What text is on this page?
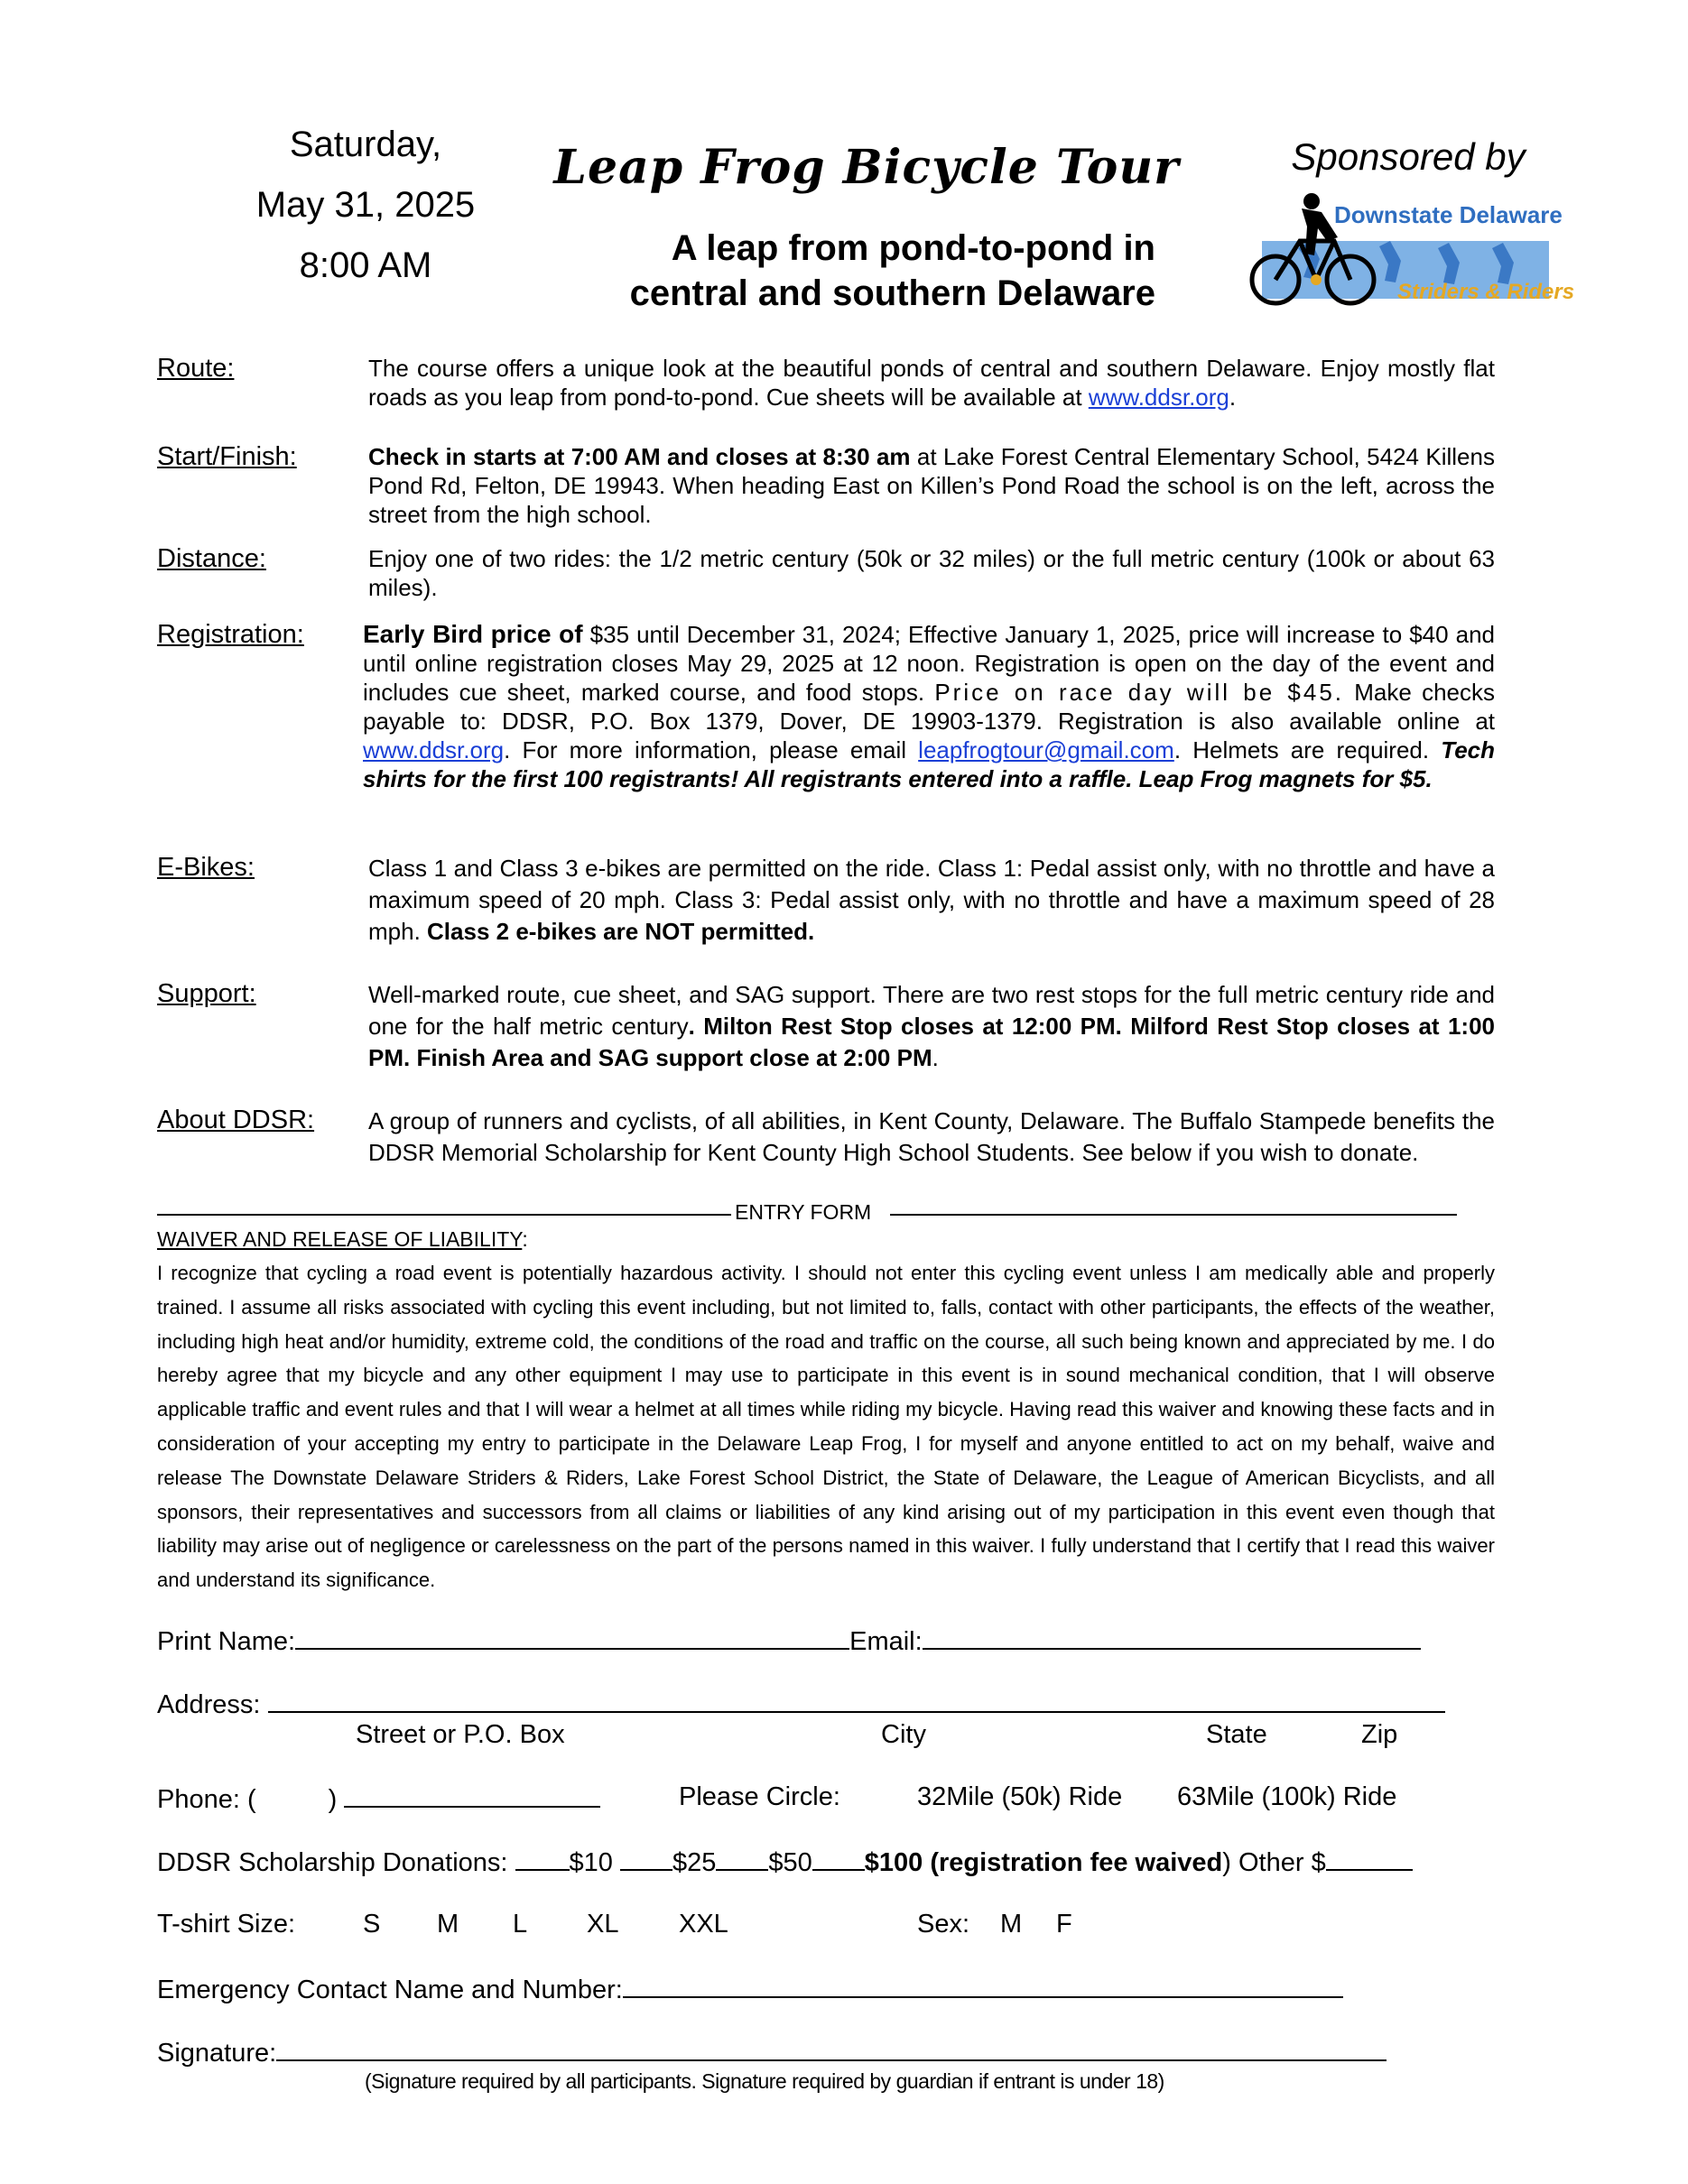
Saturday,
May 31, 2025
8:00 AM
Leap Frog Bicycle Tour
A leap from pond-to-pond in
central and southern Delaware
Sponsored by
Downstate Delaware
Striders & Riders
Route:	The course offers a unique look at the beautiful ponds of central and southern Delaware. Enjoy mostly flat roads as you leap from pond-to-pond. Cue sheets will be available at www.ddsr.org.
Start/Finish:	Check in starts at 7:00 AM and closes at 8:30 am at Lake Forest Central Elementary School, 5424 Killens Pond Rd, Felton, DE 19943. When heading East on Killen’s Pond Road the school is on the left, across the street from the high school.
Distance:	Enjoy one of two rides: the 1/2 metric century (50k or 32 miles) or the full metric century (100k or about 63 miles).
Registration: Early Bird price of $35 until December 31, 2024; Effective January 1, 2025, price will increase to $40 and until online registration closes May 29, 2025 at 12 noon. Registration is open on the day of the event and includes cue sheet, marked course, and food stops. Price on race day will be $45. Make checks payable to: DDSR, P.O. Box 1379, Dover, DE 19903-1379. Registration is also available online at www.ddsr.org. For more information, please email leapfrogtour@gmail.com. Helmets are required. Tech shirts for the first 100 registrants! All registrants entered into a raffle. Leap Frog magnets for $5.
E-Bikes:	Class 1 and Class 3 e-bikes are permitted on the ride. Class 1: Pedal assist only, with no throttle and have a maximum speed of 20 mph. Class 3: Pedal assist only, with no throttle and have a maximum speed of 28 mph. Class 2 e-bikes are NOT permitted.
Support:	Well-marked route, cue sheet, and SAG support. There are two rest stops for the full metric century ride and one for the half metric century. Milton Rest Stop closes at 12:00 PM. Milford Rest Stop closes at 1:00 PM. Finish Area and SAG support close at 2:00 PM.
About DDSR: A group of runners and cyclists, of all abilities, in Kent County, Delaware. The Buffalo Stampede benefits the DDSR Memorial Scholarship for Kent County High School Students. See below if you wish to donate.
ENTRY FORM
WAIVER AND RELEASE OF LIABILITY:
I recognize that cycling a road event is potentially hazardous activity. I should not enter this cycling event unless I am medically able and properly trained. I assume all risks associated with cycling this event including, but not limited to, falls, contact with other participants, the effects of the weather, including high heat and/or humidity, extreme cold, the conditions of the road and traffic on the course, all such being known and appreciated by me. I do hereby agree that my bicycle and any other equipment I may use to participate in this event is in sound mechanical condition, that I will observe applicable traffic and event rules and that I will wear a helmet at all times while riding my bicycle. Having read this waiver and knowing these facts and in consideration of your accepting my entry to participate in the Delaware Leap Frog, I for myself and anyone entitled to act on my behalf, waive and release The Downstate Delaware Striders & Riders, Lake Forest School District, the State of Delaware, the League of American Bicyclists, and all sponsors, their representatives and successors from all claims or liabilities of any kind arising out of my participation in this event even though that liability may arise out of negligence or carelessness on the part of the persons named in this waiver. I fully understand that I certify that I read this waiver and understand its significance.
Print Name:	Email:
Address:
Street or P.O. Box	City	State	Zip
Phone: (	)	Please Circle:	32Mile (50k) Ride 63Mile (100k) Ride
DDSR Scholarship Donations: $10 $25 $50 $100 (registration fee waived) Other $
T-shirt Size:	S M L XL XXL	Sex: M F
Emergency Contact Name and Number:
Signature:
(Signature required by all participants. Signature required by guardian if entrant is under 18)
